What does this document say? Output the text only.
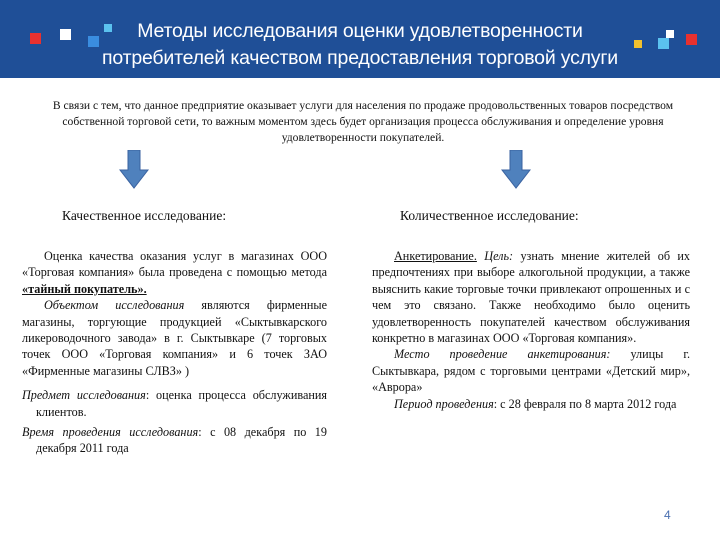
Методы исследования оценки удовлетворенности
потребителей качеством предоставления торговой услуги

В связи с тем, что данное предприятие оказывает услуги для населения по продаже продовольственных товаров посредством собственной торговой сети, то важным моментом здесь будет организация процесса обслуживания и определение уровня удовлетворенности покупателей.

Качественное исследование:	Количественное исследование:

Оценка качества оказания услуг в магазинах ООО «Торговая компания» была проведена с помощью метода «тайный покупатель».

Объектом исследования являются фирменные магазины, торгующие продукцией «Сыктывкарского ликероводочного завода» в г. Сыктывкаре (7 торговых точек ООО «Торговая компания» и 6 точек ЗАО «Фирменные магазины СЛВЗ» )

Предмет исследования: оценка процесса обслуживания клиентов.

Время проведения исследования: с 08 декабря по 19 декабря 2011 года

Анкетирование. Цель: узнать мнение жителей об их предпочтениях при выборе алкогольной продукции, а также выяснить какие торговые точки привлекают опрошенных и с чем это связано. Также необходимо было оценить удовлетворенность покупателей качеством обслуживания конкретно в магазинах ООО «Торговая компания».

Место проведение анкетирования: улицы г. Сыктывкара, рядом с торговыми центрами «Детский мир», «Аврора»

Период проведения: с 28 февраля по 8 марта 2012 года

4
